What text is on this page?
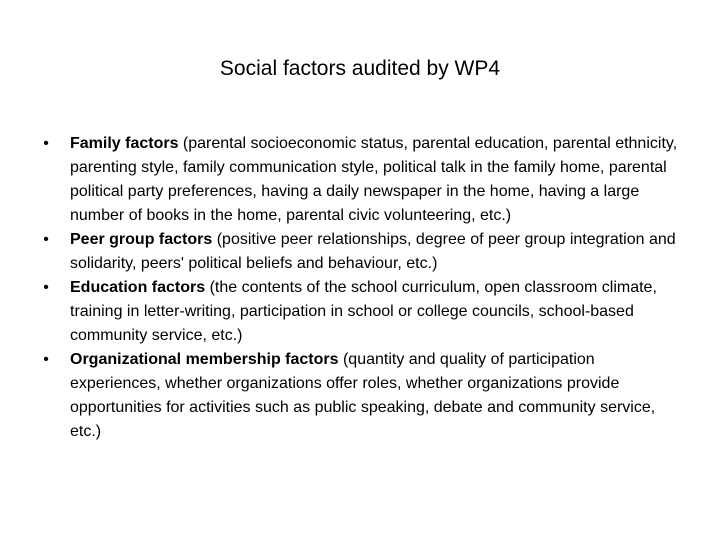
Social factors audited by WP4
•	Family factors (parental socioeconomic status, parental education, parental ethnicity, parenting style, family communication style, political talk in the family home, parental political party preferences, having a daily newspaper in the home, having a large number of books in the home, parental civic volunteering, etc.)
•	Peer group factors (positive peer relationships, degree of peer group integration and solidarity, peers' political beliefs and behaviour, etc.)
•	Education factors (the contents of the school curriculum, open classroom climate, training in letter-writing, participation in school or college councils, school-based community service, etc.)
•	Organizational membership factors (quantity and quality of participation experiences, whether organizations offer roles, whether organizations provide opportunities for activities such as public speaking, debate and community service, etc.)
